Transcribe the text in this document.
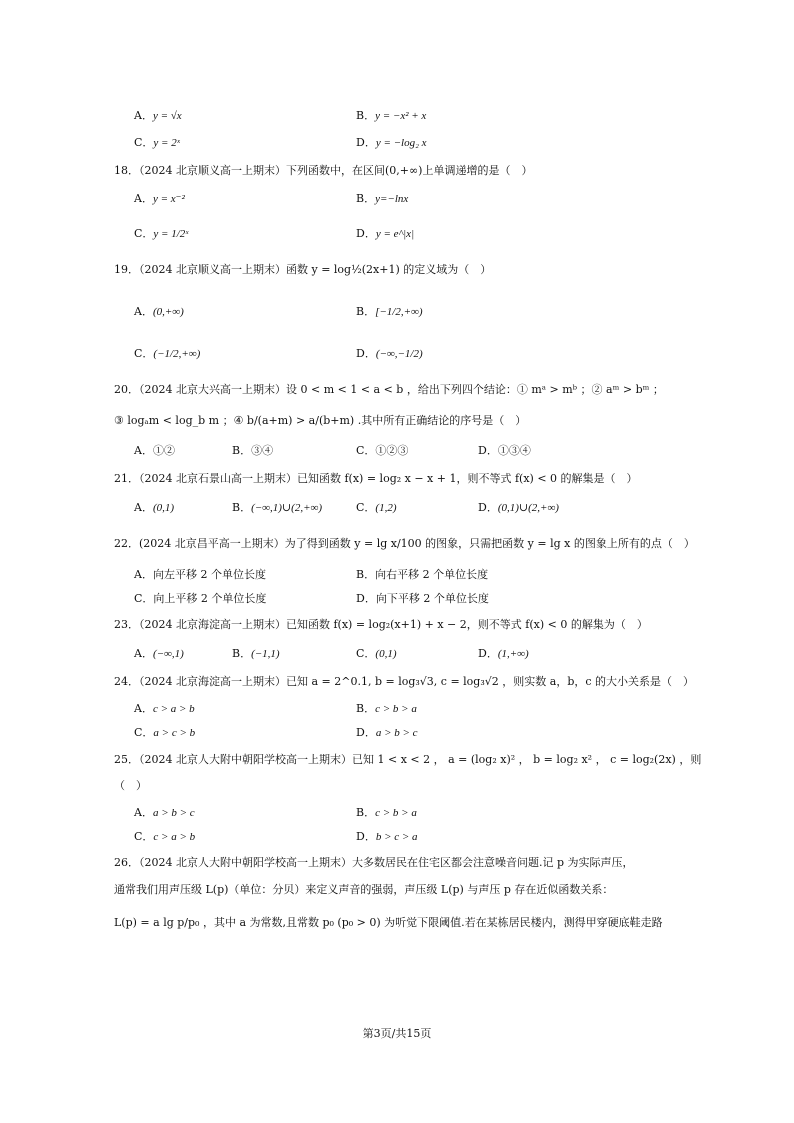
A．y = √x	B．y = −x² + x
C．y = 2ˣ	D．y = −log₂ x
18．（2024 北京顺义高一上期末）下列函数中，在区间(0,+∞)上单调递增的是（　）
A．y = x⁻²	B．y=−lnx
C．y = 1/2ˣ	D．y = e^|x|
19．（2024 北京顺义高一上期末）函数 y = log½(2x+1) 的定义域为（　）
A．(0,+∞)	B．[−1/2,+∞)
C．(−1/2,+∞)	D．(−∞,−1/2)
20．（2024 北京大兴高一上期末）设 0 < m < 1 < a < b ，给出下列四个结论：① mᵃ > mᵇ ；② aᵐ > bᵐ ；
③ logₐm < log_b m ；④ b/(a+m) > a/(b+m) .其中所有正确结论的序号是（　）
A．①②	B．③④	C．①②③	D．①③④
21．（2024 北京石景山高一上期末）已知函数 f(x) = log₂ x − x + 1，则不等式 f(x) < 0 的解集是（　）
A．(0,1)	B．(−∞,1)∪(2,+∞)	C．(1,2)	D．(0,1)∪(2,+∞)
22．(2024 北京昌平高一上期末）为了得到函数 y = lg x/100 的图象，只需把函数 y = lg x 的图象上所有的点（　）
A．向左平移 2 个单位长度	B．向右平移 2 个单位长度
C．向上平移 2 个单位长度	D．向下平移 2 个单位长度
23．（2024 北京海淀高一上期末）已知函数 f(x) = log₂(x+1) + x − 2，则不等式 f(x) < 0 的解集为（　）
A．(−∞,1)	B．(−1,1)	C．(0,1)	D．(1,+∞)
24．（2024 北京海淀高一上期末）已知 a = 2^0.1, b = log₃√3, c = log₃√2 ，则实数 a，b，c 的大小关系是（　）
A．c > a > b	B．c > b > a
C．a > c > b	D．a > b > c
25．（2024 北京人大附中朝阳学校高一上期末）已知 1 < x < 2 ， a = (log₂ x)² ， b = log₂ x² ， c = log₂(2x) ，则
（　）
A．a > b > c	B．c > b > a
C．c > a > b	D．b > c > a
26．（2024 北京人大附中朝阳学校高一上期末）大多数居民在住宅区都会注意噪音问题.记 p 为实际声压，
通常我们用声压级 L(p)（单位：分贝）来定义声音的强弱，声压级 L(p) 与声压 p 存在近似函数关系：
L(p) = a lg p/p₀ ，其中 a 为常数,且常数 p₀ (p₀ > 0) 为听觉下限阈值.若在某栋居民楼内，测得甲穿硬底鞋走路
第3页/共15页
